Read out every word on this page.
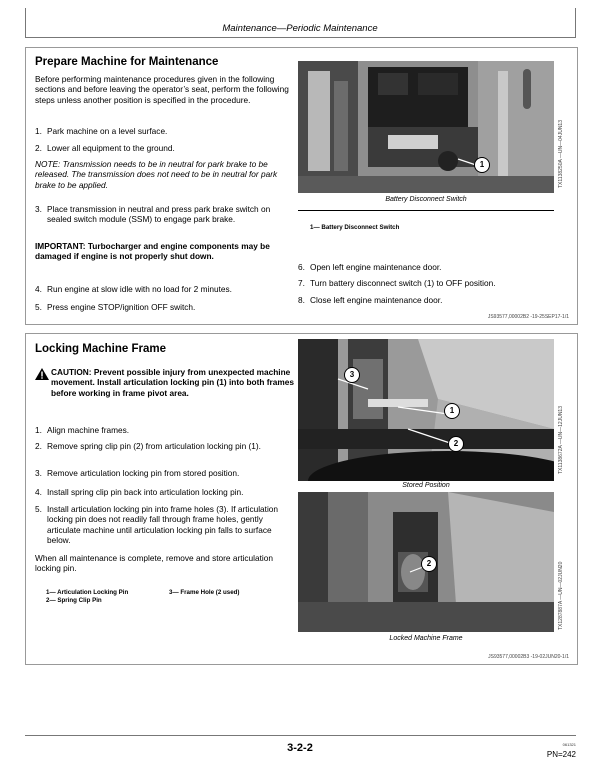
Maintenance—Periodic Maintenance
Prepare Machine for Maintenance
Before performing maintenance procedures given in the following sections and before leaving the operator’s seat, perform the following steps unless another position is specified in the procedure.
1. Park machine on a level surface.
2. Lower all equipment to the ground.
NOTE: Transmission needs to be in neutral for park brake to be released. The transmission does not need to be in neutral for park brake to be applied.
3. Place transmission in neutral and press park brake switch on sealed switch module (SSM) to engage park brake.
IMPORTANT: Turbocharger and engine components may be damaged if engine is not properly shut down.
4. Run engine at slow idle with no load for 2 minutes.
5. Press engine STOP/ignition OFF switch.
1	TX1138250A —UN—04JUN13
Battery Disconnect Switch
1— Battery Disconnect Switch
6. Open left engine maintenance door.
7. Turn battery disconnect switch (1) to OFF position.
8. Close left engine maintenance door.
JS93577,00002B2 -19-25SEP17-1/1
Locking Machine Frame
CAUTION: Prevent possible injury from unexpected machine movement. Install articulation locking pin (1) into both frames before working in frame pivot area.
1. Align machine frames.
2. Remove spring clip pin (2) from articulation locking pin (1).
3. Remove articulation locking pin from stored position.
4. Install spring clip pin back into articulation locking pin.
5. Install articulation locking pin into frame holes (3). If articulation locking pin does not readily fall through frame holes, gently articulate machine until articulation locking pin falls to surface below.
When all maintenance is complete, remove and store articulation locking pin.
1— Articulation Locking Pin
2— Spring Clip Pin
3— Frame Hole (2 used)
3
1
2	TX1138672A —UN—12JUN13
Stored Position
2	TX1287887A —UN—02JUN20
Locked Machine Frame
JS93577,00002B3 -19-02JUN20-1/1
3-2-2	061321
PN=242
